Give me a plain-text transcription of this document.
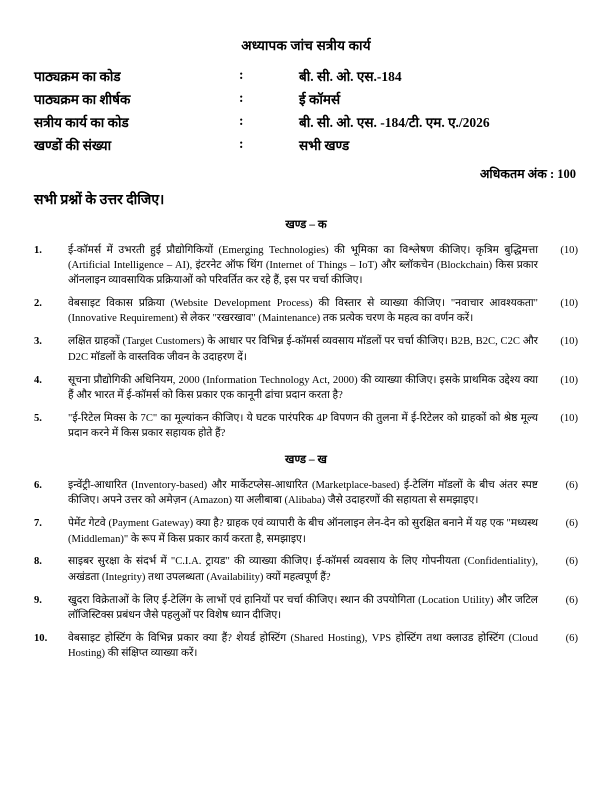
अध्यापक जांच सत्रीय कार्य
पाठ्यक्रम का कोड	:	बी. सी. ओ. एस.-184
पाठ्यक्रम का शीर्षक	:	ई कॉमर्स
सत्रीय कार्य का कोड	:	बी. सी. ओ. एस. -184/टी. एम. ए./2026
खण्डों की संख्या	:	सभी खण्ड
अधिकतम अंक : 100
सभी प्रश्नों के उत्तर दीजिए।
खण्ड – क
1.	ई-कॉमर्स में उभरती हुई प्रौद्योगिकियों (Emerging Technologies) की भूमिका का विश्लेषण कीजिए। कृत्रिम बुद्धिमत्ता (Artificial Intelligence – AI), इंटरनेट ऑफ थिंग (Internet of Things – IoT) और ब्लॉकचेन (Blockchain) किस प्रकार ऑनलाइन व्यावसायिक प्रक्रियाओं को परिवर्तित कर रहे हैं, इस पर चर्चा कीजिए।	(10)
2.	वेबसाइट विकास प्रक्रिया (Website Development Process) की विस्तार से व्याख्या कीजिए। "नवाचार आवश्यकता" (Innovative Requirement) से लेकर "रखरखाव" (Maintenance) तक प्रत्येक चरण के महत्व का वर्णन करें।	(10)
3.	लक्षित ग्राहकों (Target Customers) के आधार पर विभिन्न ई-कॉमर्स व्यवसाय मॉडलों पर चर्चा कीजिए। B2B, B2C, C2C और D2C मॉडलों के वास्तविक जीवन के उदाहरण दें।	(10)
4.	सूचना प्रौद्योगिकी अधिनियम, 2000 (Information Technology Act, 2000) की व्याख्या कीजिए। इसके प्राथमिक उद्देश्य क्या हैं और भारत में ई-कॉमर्स को किस प्रकार एक कानूनी ढांचा प्रदान करता है?	(10)
5.	"ई-रिटेल मिक्स के 7C" का मूल्यांकन कीजिए। ये घटक पारंपरिक 4P विपणन की तुलना में ई-रिटेलर को ग्राहकों को श्रेष्ठ मूल्य प्रदान करने में किस प्रकार सहायक होते हैं?	(10)
खण्ड – ख
6.	इन्वेंट्री-आधारित (Inventory-based) और मार्केटप्लेस-आधारित (Marketplace-based) ई-टेलिंग मॉडलों के बीच अंतर स्पष्ट कीजिए। अपने उत्तर को अमेज़न (Amazon) या अलीबाबा (Alibaba) जैसे उदाहरणों की सहायता से समझाइए।	(6)
7.	पेमेंट गेटवे (Payment Gateway) क्या है? ग्राहक एवं व्यापारी के बीच ऑनलाइन लेन-देन को सुरक्षित बनाने में यह एक "मध्यस्थ (Middleman)" के रूप में किस प्रकार कार्य करता है, समझाइए।	(6)
8.	साइबर सुरक्षा के संदर्भ में "C.I.A. ट्रायड" की व्याख्या कीजिए। ई-कॉमर्स व्यवसाय के लिए गोपनीयता (Confidentiality), अखंडता (Integrity) तथा उपलब्धता (Availability) क्यों महत्वपूर्ण हैं?	(6)
9.	खुदरा विक्रेताओं के लिए ई-टेलिंग के लाभों एवं हानियों पर चर्चा कीजिए। स्थान की उपयोगिता (Location Utility) और जटिल लॉजिस्टिक्स प्रबंधन जैसे पहलुओं पर विशेष ध्यान दीजिए।	(6)
10.	वेबसाइट होस्टिंग के विभिन्न प्रकार क्या हैं? शेयर्ड होस्टिंग (Shared Hosting), VPS होस्टिंग तथा क्लाउड होस्टिंग (Cloud Hosting) की संक्षिप्त व्याख्या करें।	(6)
